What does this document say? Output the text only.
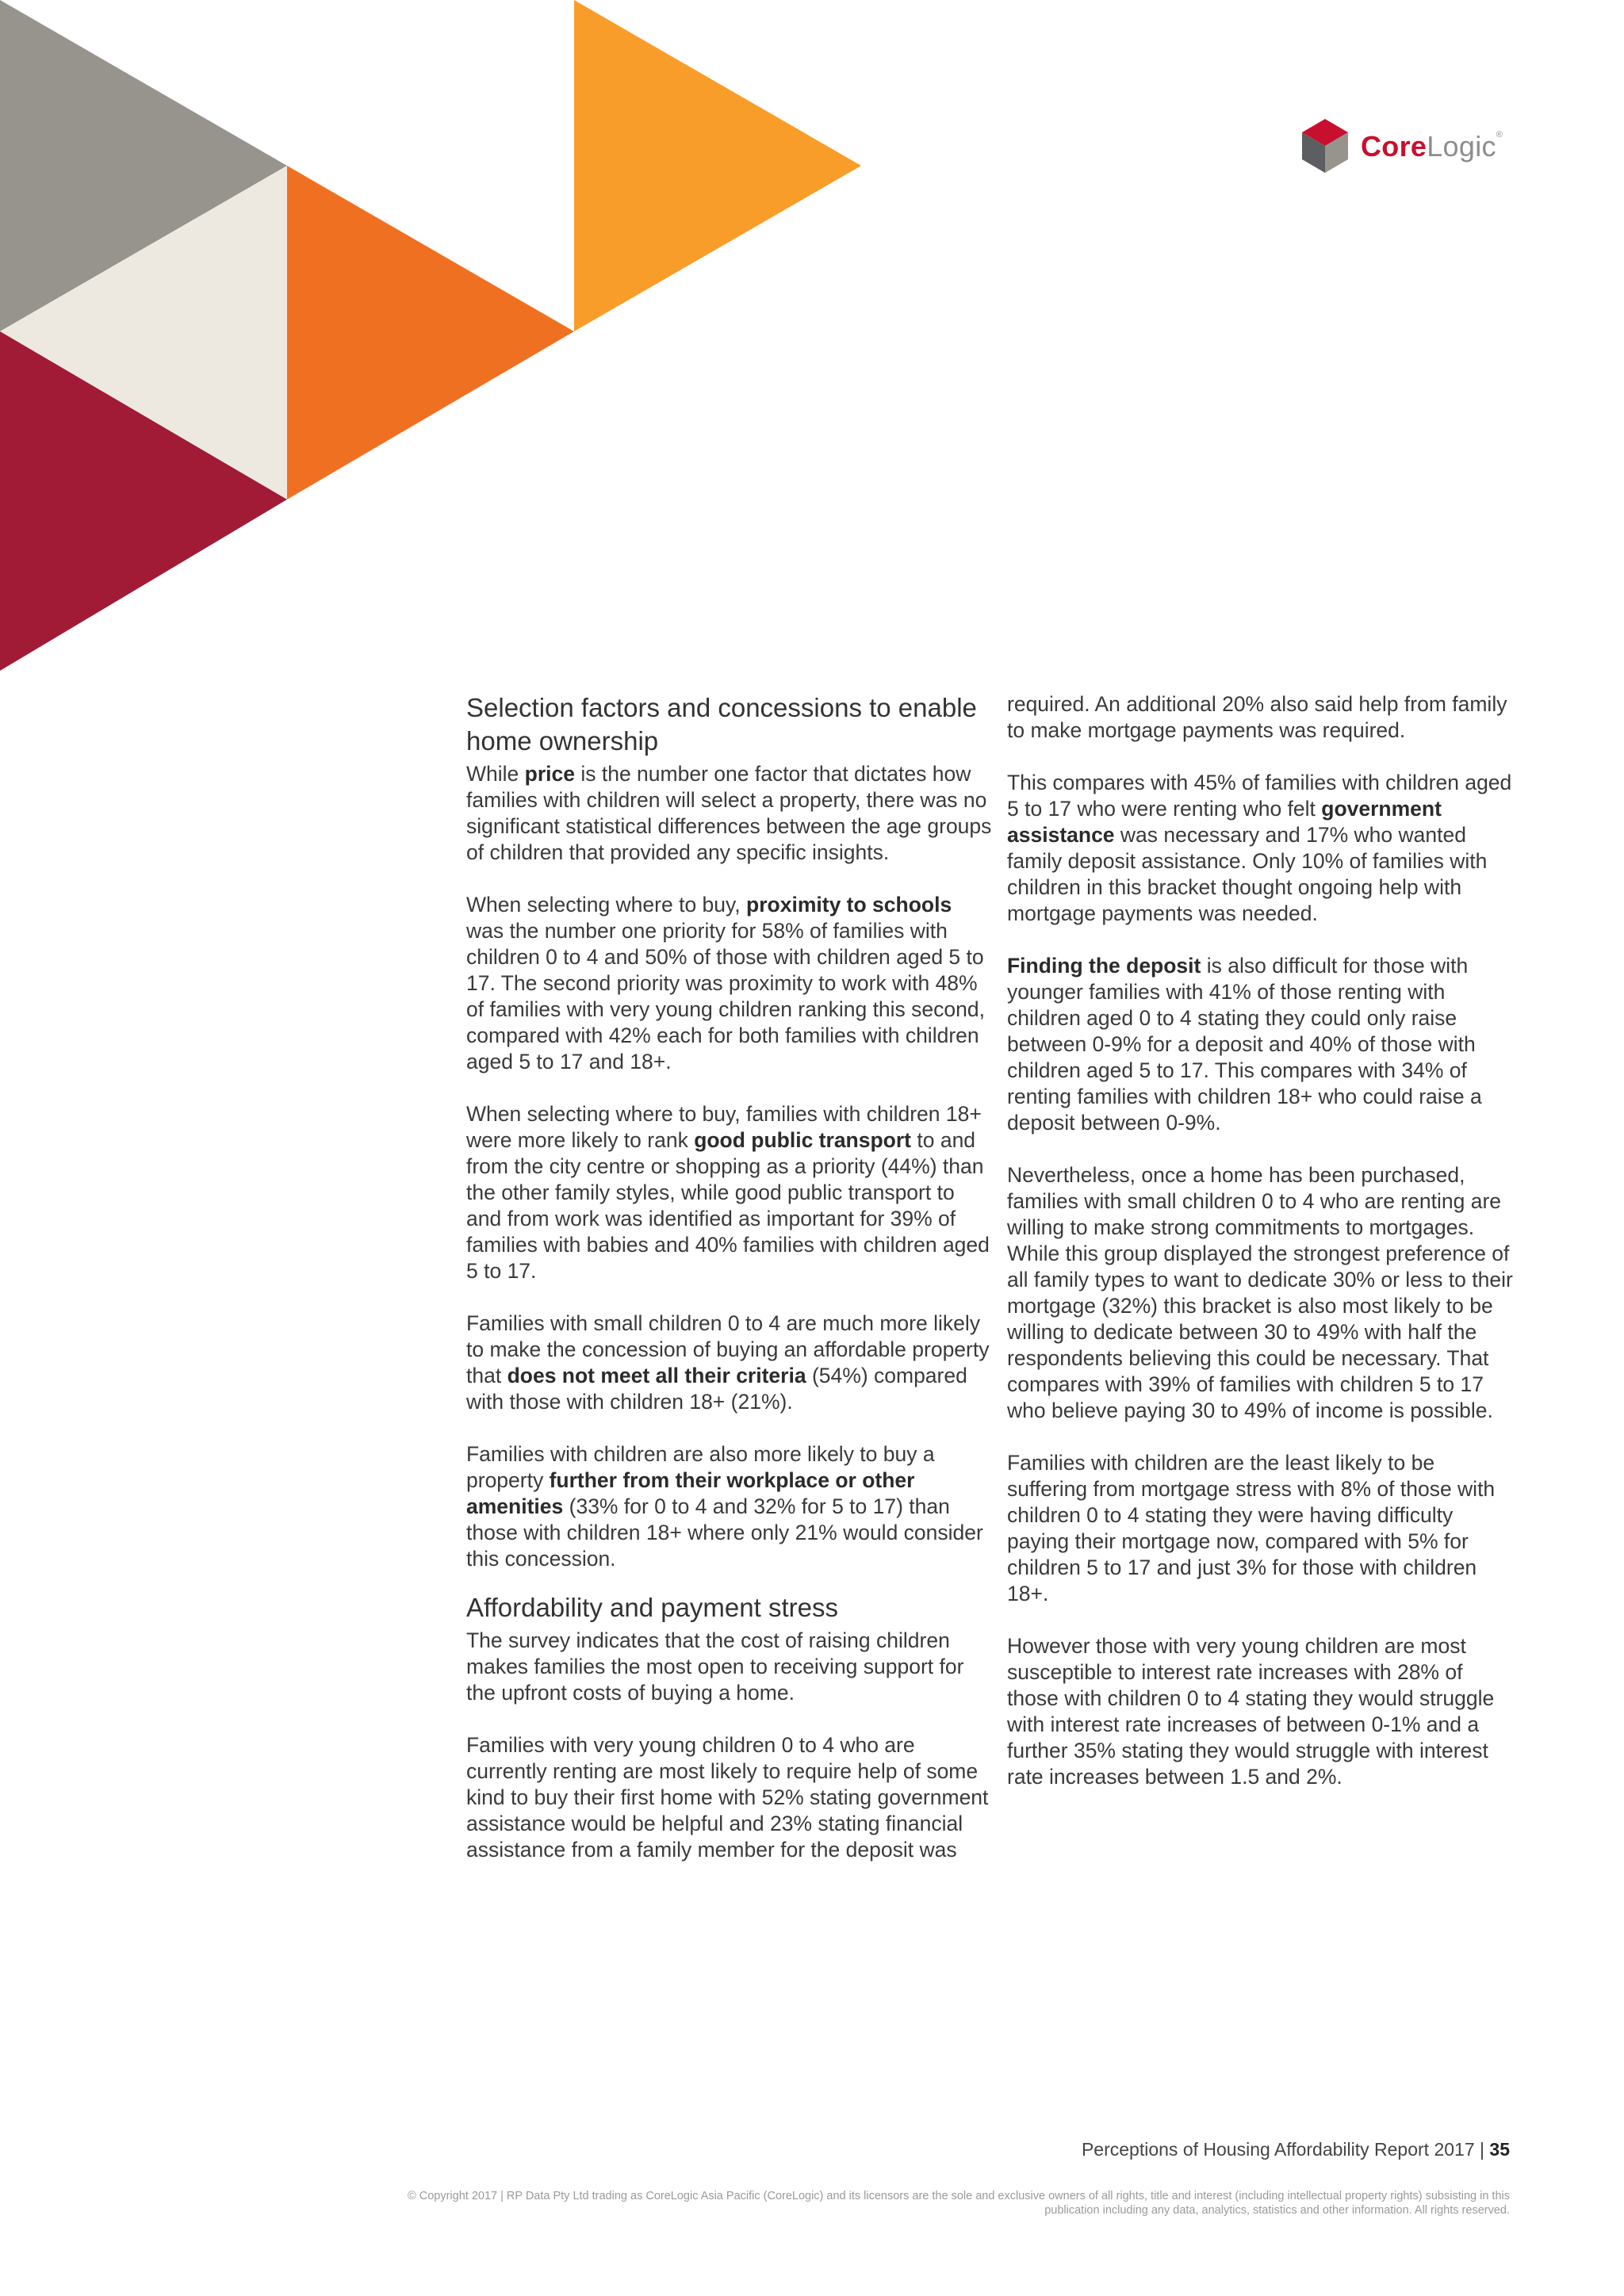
CoreLogic®
Selection factors and concessions to enable home ownership

While price is the number one factor that dictates how families with children will select a property, there was no significant statistical differences between the age groups of children that provided any specific insights.

When selecting where to buy, proximity to schools was the number one priority for 58% of families with children 0 to 4 and 50% of those with children aged 5 to 17. The second priority was proximity to work with 48% of families with very young children ranking this second, compared with 42% each for both families with children aged 5 to 17 and 18+.

When selecting where to buy, families with children 18+ were more likely to rank good public transport to and from the city centre or shopping as a priority (44%) than the other family styles, while good public transport to and from work was identified as important for 39% of families with babies and 40% families with children aged 5 to 17.

Families with small children 0 to 4 are much more likely to make the concession of buying an affordable property that does not meet all their criteria (54%) compared with those with children 18+ (21%).

Families with children are also more likely to buy a property further from their workplace or other amenities (33% for 0 to 4 and 32% for 5 to 17) than those with children 18+ where only 21% would consider this concession.

Affordability and payment stress

The survey indicates that the cost of raising children makes families the most open to receiving support for the upfront costs of buying a home.

Families with very young children 0 to 4 who are currently renting are most likely to require help of some kind to buy their first home with 52% stating government assistance would be helpful and 23% stating financial assistance from a family member for the deposit was

required. An additional 20% also said help from family to make mortgage payments was required.

This compares with 45% of families with children aged 5 to 17 who were renting who felt government assistance was necessary and 17% who wanted family deposit assistance. Only 10% of families with children in this bracket thought ongoing help with mortgage payments was needed.

Finding the deposit is also difficult for those with younger families with 41% of those renting with children aged 0 to 4 stating they could only raise between 0-9% for a deposit and 40% of those with children aged 5 to 17. This compares with 34% of renting families with children 18+ who could raise a deposit between 0-9%.

Nevertheless, once a home has been purchased, families with small children 0 to 4 who are renting are willing to make strong commitments to mortgages. While this group displayed the strongest preference of all family types to want to dedicate 30% or less to their mortgage (32%) this bracket is also most likely to be willing to dedicate between 30 to 49% with half the respondents believing this could be necessary. That compares with 39% of families with children 5 to 17 who believe paying 30 to 49% of income is possible.

Families with children are the least likely to be suffering from mortgage stress with 8% of those with children 0 to 4 stating they were having difficulty paying their mortgage now, compared with 5% for children 5 to 17 and just 3% for those with children 18+.

However those with very young children are most susceptible to interest rate increases with 28% of those with children 0 to 4 stating they would struggle with interest rate increases of between 0-1% and a further 35% stating they would struggle with interest rate increases between 1.5 and 2%.

Perceptions of Housing Affordability Report 2017 | 35
© Copyright 2017 | RP Data Pty Ltd trading as CoreLogic Asia Pacific (CoreLogic) and its licensors are the sole and exclusive owners of all rights, title and interest (including intellectual property rights) subsisting in this publication including any data, analytics, statistics and other information. All rights reserved.
